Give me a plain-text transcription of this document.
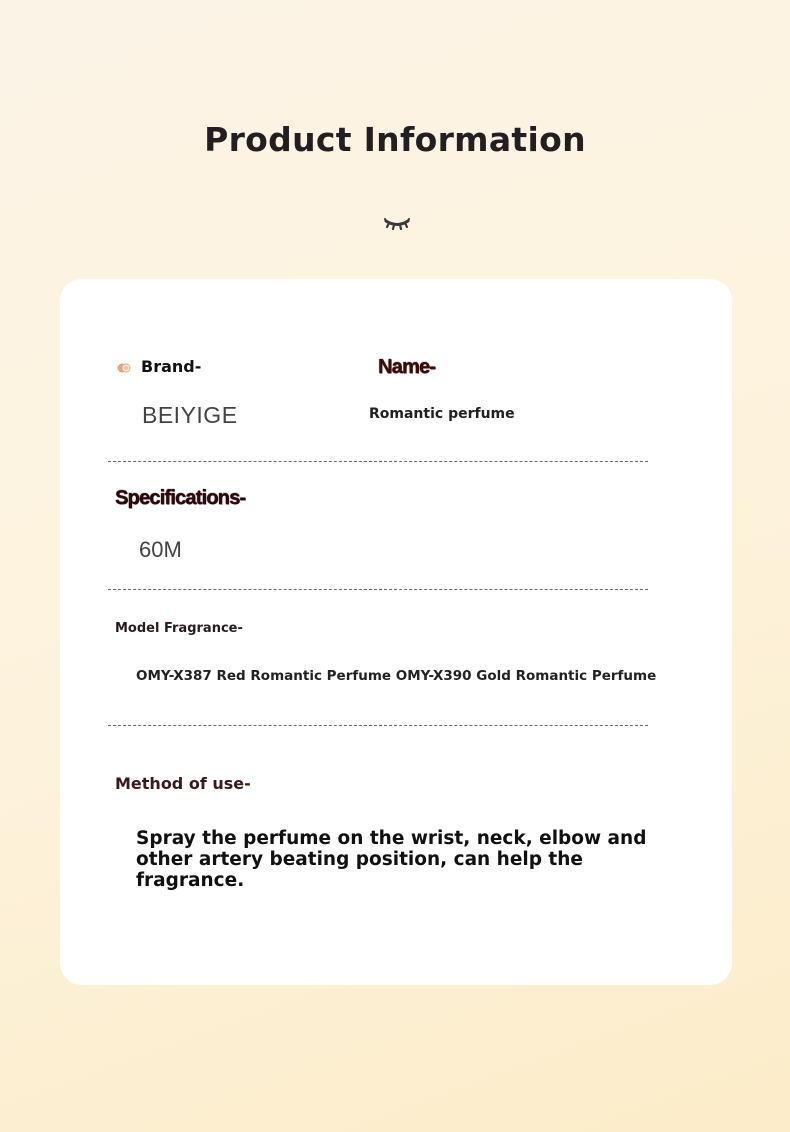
Product Information
Brand-
BEIYIGE
Name-
Romantic perfume
Specifications-
60M
Model Fragrance-
OMY-X387 Red Romantic Perfume OMY-X390 Gold Romantic Perfume
Method of use-
Spray the perfume on the wrist, neck, elbow and other artery beating position, can help the fragrance.
